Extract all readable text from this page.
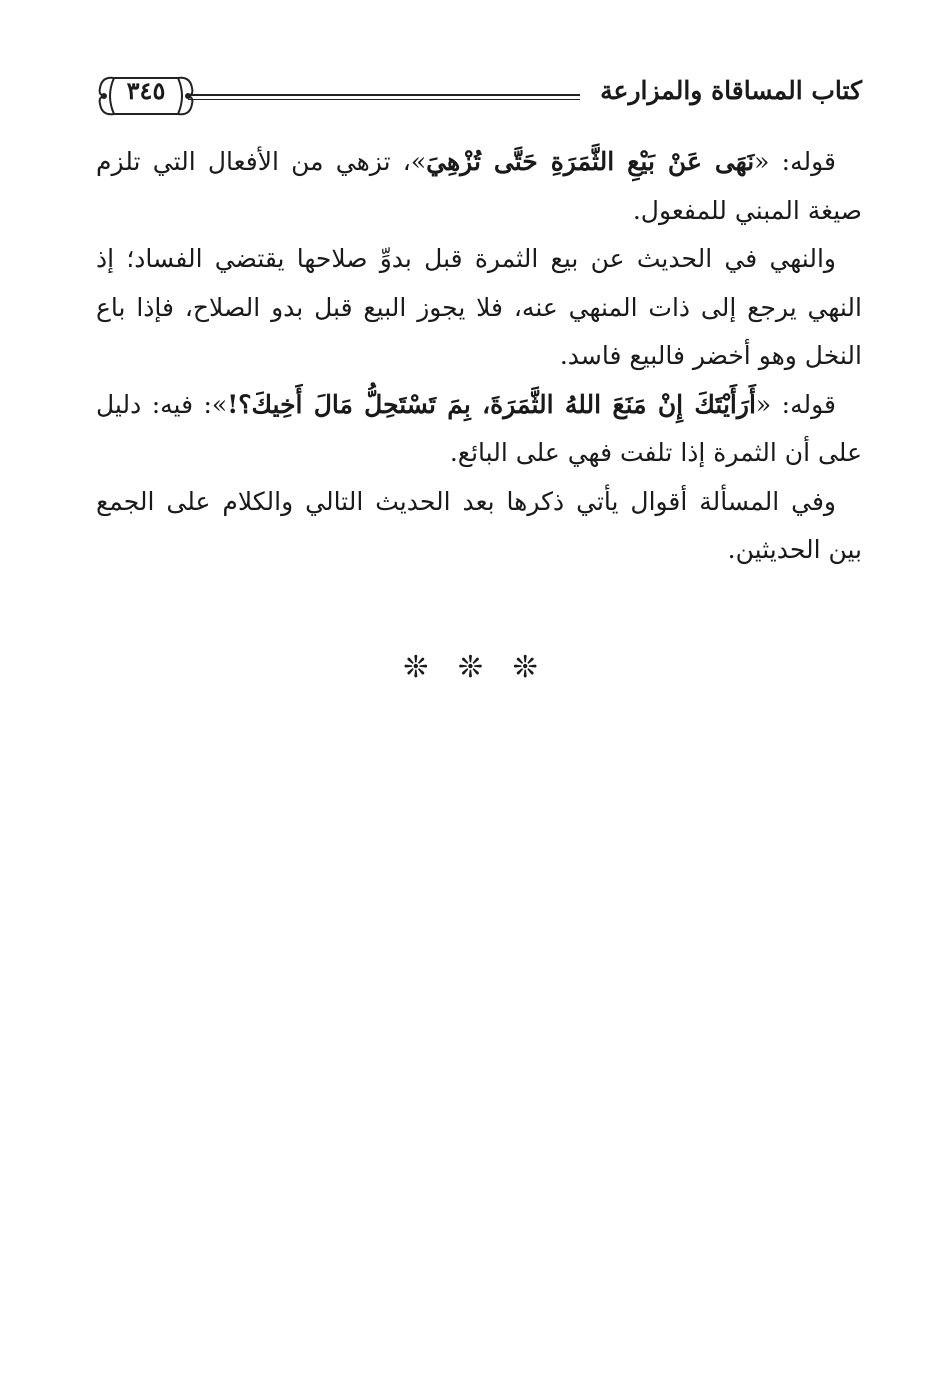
٣٤٥	كتاب المساقاة والمزارعة

قوله: «نَهَى عَنْ بَيْعِ الثَّمَرَةِ حَتَّى تُزْهِيَ»، تزهي من الأفعال التي تلزم صيغة المبني للمفعول.

والنهي في الحديث عن بيع الثمرة قبل بدوِّ صلاحها يقتضي الفساد؛ إذ النهي يرجع إلى ذات المنهي عنه، فلا يجوز البيع قبل بدو الصلاح، فإذا باع النخل وهو أخضر فالبيع فاسد.

قوله: «أَرَأَيْتَكَ إِنْ مَنَعَ اللهُ الثَّمَرَةَ، بِمَ تَسْتَحِلُّ مَالَ أَخِيكَ؟!»: فيه: دليل على أن الثمرة إذا تلفت فهي على البائع.

وفي المسألة أقوال يأتي ذكرها بعد الحديث التالي والكلام على الجمع بين الحديثين.

❊ ❊ ❊
